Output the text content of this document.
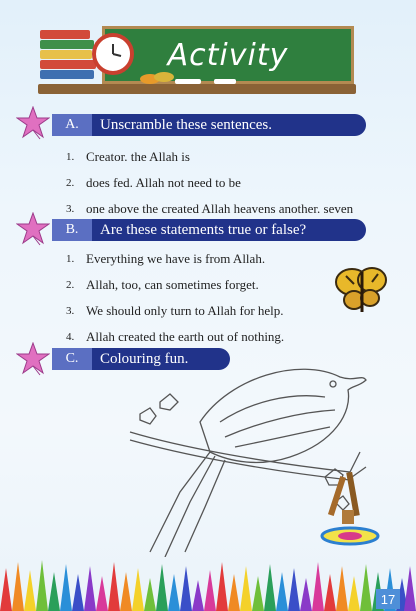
Activity
A.	Unscramble these sentences.
1. Creator. the Allah is
2. does fed. Allah not need to be
3. one above the created Allah heavens another. seven
B.	Are these statements true or false?
1. Everything we have is from Allah.
2. Allah, too, can sometimes forget.
3. We should only turn to Allah for help.
4. Allah created the earth out of nothing.
C.	Colouring fun.
17
